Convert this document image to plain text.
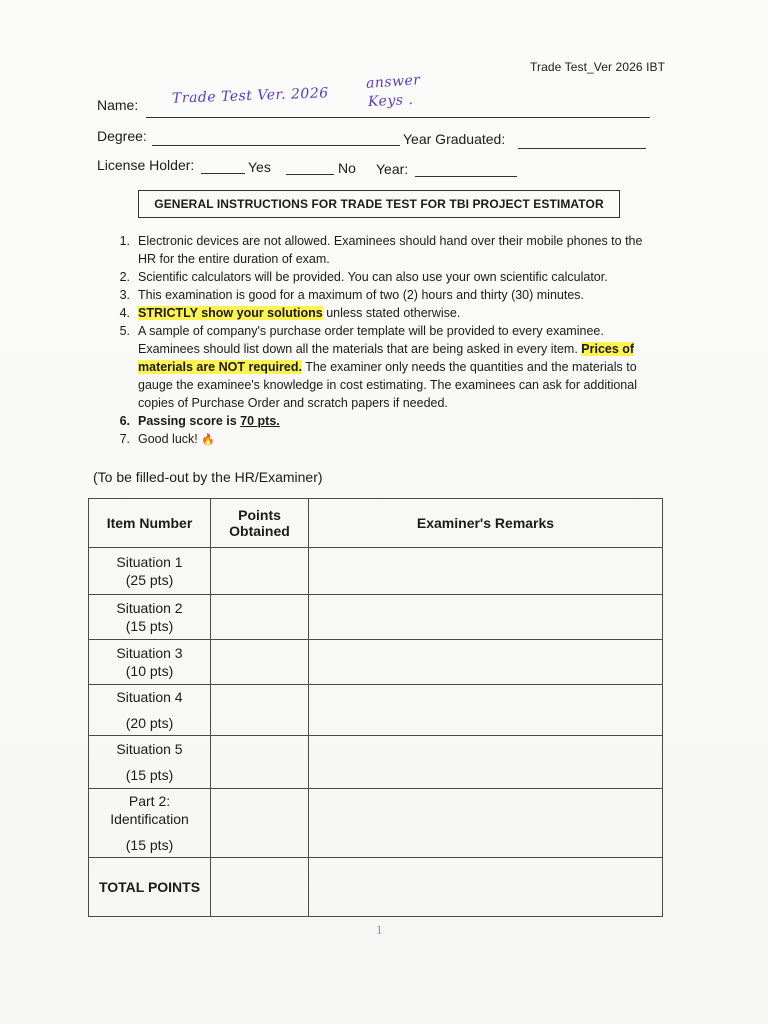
Trade Test_Ver 2026 IBT
Trade Test Ver. 2026
answer
Keys .
Name:
Degree:	Year Graduated:
License Holder:	Yes	No Year:
GENERAL INSTRUCTIONS FOR TRADE TEST FOR TBI PROJECT ESTIMATOR
1. Electronic devices are not allowed. Examinees should hand over their mobile phones to the HR for the entire duration of exam.
2. Scientific calculators will be provided. You can also use your own scientific calculator.
3. This examination is good for a maximum of two (2) hours and thirty (30) minutes.
4. STRICTLY show your solutions unless stated otherwise.
5. A sample of company's purchase order template will be provided to every examinee. Examinees should list down all the materials that are being asked in every item. Prices of materials are NOT required. The examiner only needs the quantities and the materials to gauge the examinee's knowledge in cost estimating. The examinees can ask for additional copies of Purchase Order and scratch papers if needed.
6. Passing score is 70 pts.
7. Good luck! 🔥
(To be filled-out by the HR/Examiner)
Item Number	Points Obtained	Examiner's Remarks

Situation 1
(25 pts)		

Situation 2
(15 pts)		

Situation 3
(10 pts)		

Situation 4
(20 pts)		

Situation 5
(15 pts)		

Part 2: Identification
(15 pts)		

TOTAL POINTS		
1
